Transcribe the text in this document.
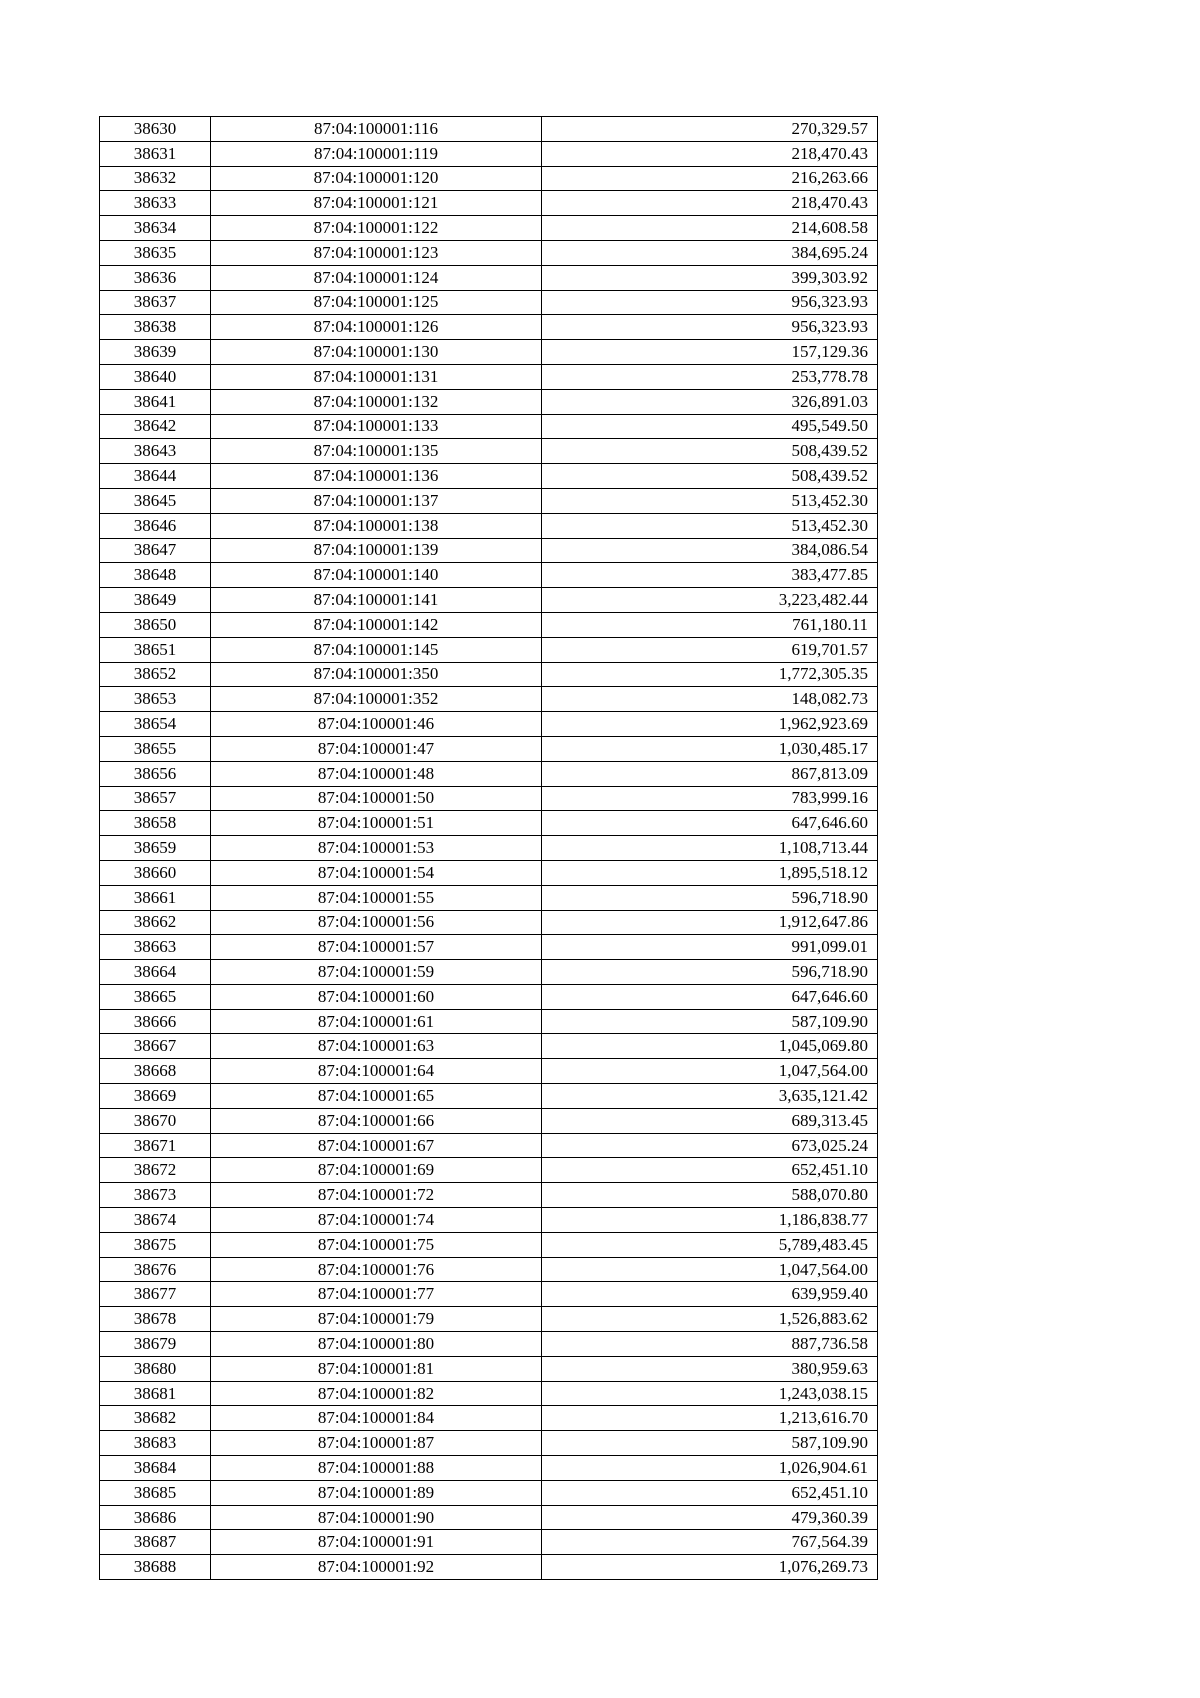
38630	87:04:100001:116	270,329.57
38631	87:04:100001:119	218,470.43
38632	87:04:100001:120	216,263.66
38633	87:04:100001:121	218,470.43
38634	87:04:100001:122	214,608.58
38635	87:04:100001:123	384,695.24
38636	87:04:100001:124	399,303.92
38637	87:04:100001:125	956,323.93
38638	87:04:100001:126	956,323.93
38639	87:04:100001:130	157,129.36
38640	87:04:100001:131	253,778.78
38641	87:04:100001:132	326,891.03
38642	87:04:100001:133	495,549.50
38643	87:04:100001:135	508,439.52
38644	87:04:100001:136	508,439.52
38645	87:04:100001:137	513,452.30
38646	87:04:100001:138	513,452.30
38647	87:04:100001:139	384,086.54
38648	87:04:100001:140	383,477.85
38649	87:04:100001:141	3,223,482.44
38650	87:04:100001:142	761,180.11
38651	87:04:100001:145	619,701.57
38652	87:04:100001:350	1,772,305.35
38653	87:04:100001:352	148,082.73
38654	87:04:100001:46	1,962,923.69
38655	87:04:100001:47	1,030,485.17
38656	87:04:100001:48	867,813.09
38657	87:04:100001:50	783,999.16
38658	87:04:100001:51	647,646.60
38659	87:04:100001:53	1,108,713.44
38660	87:04:100001:54	1,895,518.12
38661	87:04:100001:55	596,718.90
38662	87:04:100001:56	1,912,647.86
38663	87:04:100001:57	991,099.01
38664	87:04:100001:59	596,718.90
38665	87:04:100001:60	647,646.60
38666	87:04:100001:61	587,109.90
38667	87:04:100001:63	1,045,069.80
38668	87:04:100001:64	1,047,564.00
38669	87:04:100001:65	3,635,121.42
38670	87:04:100001:66	689,313.45
38671	87:04:100001:67	673,025.24
38672	87:04:100001:69	652,451.10
38673	87:04:100001:72	588,070.80
38674	87:04:100001:74	1,186,838.77
38675	87:04:100001:75	5,789,483.45
38676	87:04:100001:76	1,047,564.00
38677	87:04:100001:77	639,959.40
38678	87:04:100001:79	1,526,883.62
38679	87:04:100001:80	887,736.58
38680	87:04:100001:81	380,959.63
38681	87:04:100001:82	1,243,038.15
38682	87:04:100001:84	1,213,616.70
38683	87:04:100001:87	587,109.90
38684	87:04:100001:88	1,026,904.61
38685	87:04:100001:89	652,451.10
38686	87:04:100001:90	479,360.39
38687	87:04:100001:91	767,564.39
38688	87:04:100001:92	1,076,269.73
